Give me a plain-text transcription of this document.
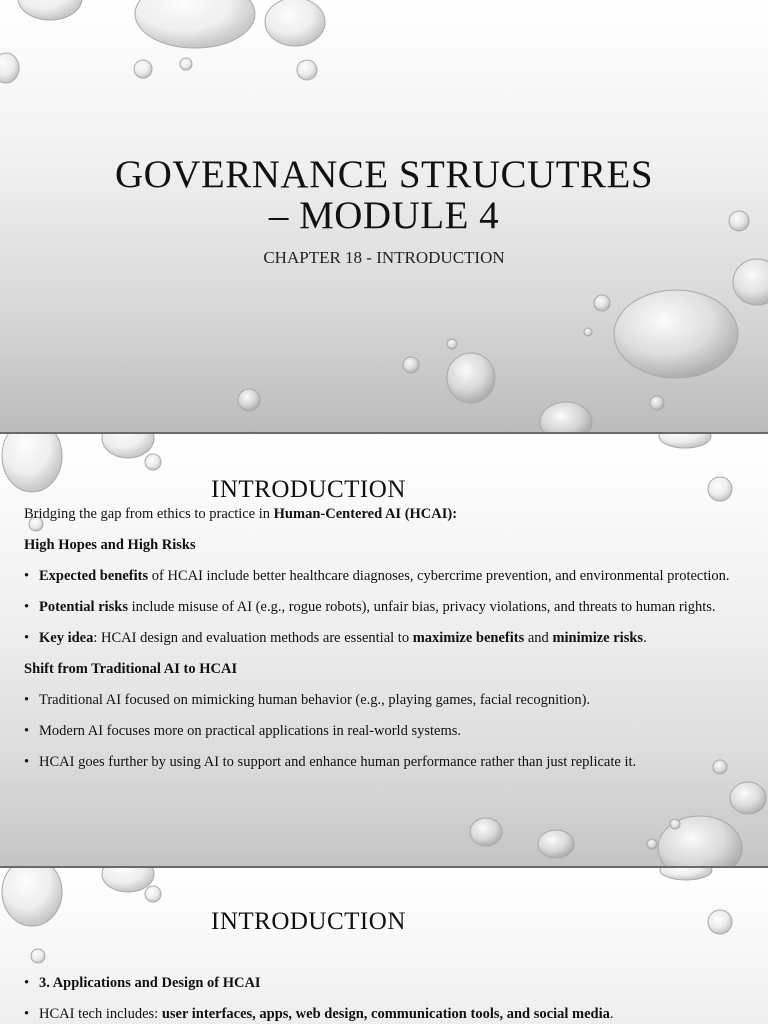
GOVERNANCE STRUCUTRES
– MODULE 4
CHAPTER 18 - INTRODUCTION
INTRODUCTION

Bridging the gap from ethics to practice in Human-Centered AI (HCAI):

High Hopes and High Risks

• Expected benefits of HCAI include better healthcare diagnoses, cybercrime prevention, and environmental protection.
• Potential risks include misuse of AI (e.g., rogue robots), unfair bias, privacy violations, and threats to human rights.
• Key idea: HCAI design and evaluation methods are essential to maximize benefits and minimize risks.

Shift from Traditional AI to HCAI

• Traditional AI focused on mimicking human behavior (e.g., playing games, facial recognition).
• Modern AI focuses more on practical applications in real-world systems.
• HCAI goes further by using AI to support and enhance human performance rather than just replicate it.
INTRODUCTION
• 3. Applications and Design of HCAI
• HCAI tech includes: user interfaces, apps, web design, communication tools, and social media.
